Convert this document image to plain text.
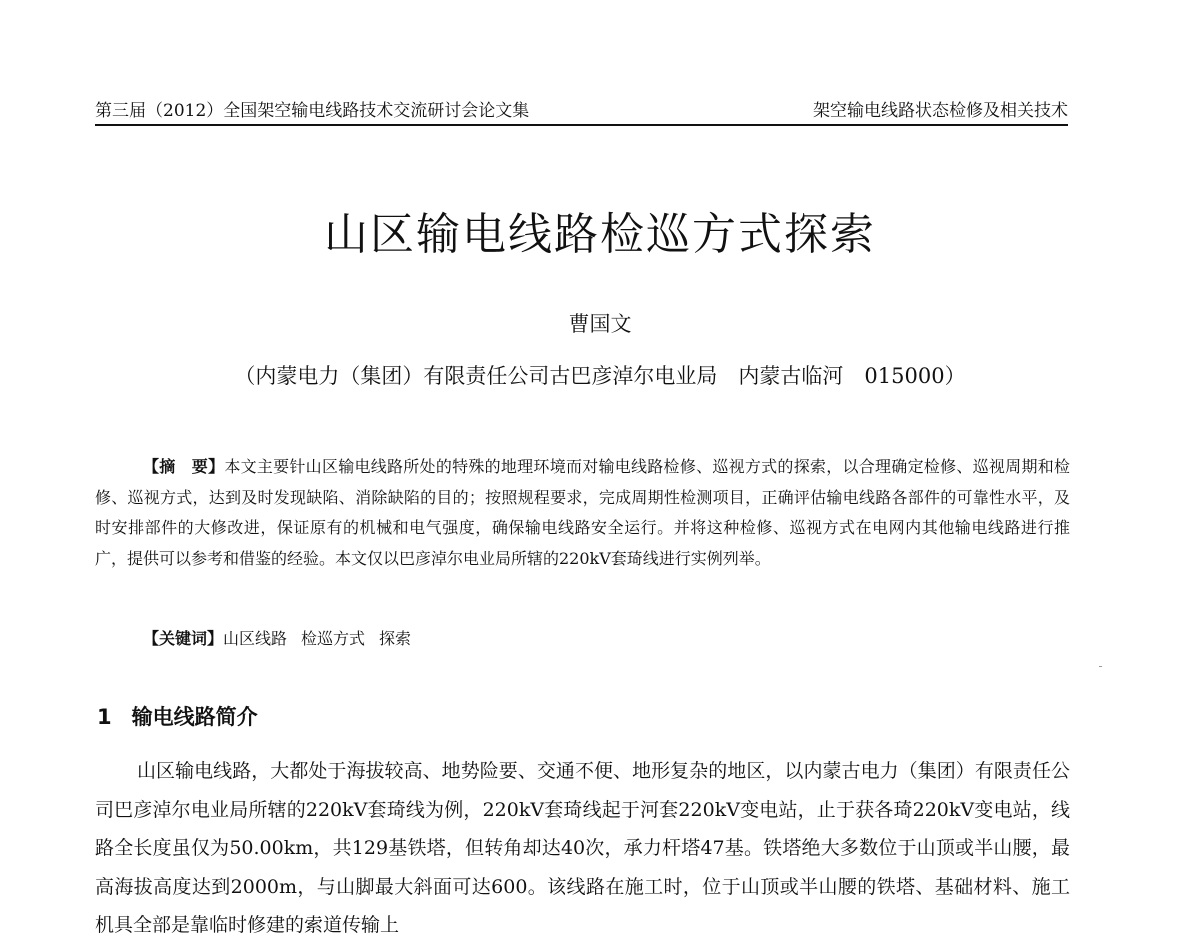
第三届（2012）全国架空输电线路技术交流研讨会论文集	架空输电线路状态检修及相关技术
山区输电线路检巡方式探索
曹国文
（内蒙电力（集团）有限责任公司古巴彦淖尔电业局　内蒙古临河　015000）
【摘　要】本文主要针山区输电线路所处的特殊的地理环境而对输电线路检修、巡视方式的探索，以合理确定检修、巡视周期和检修、巡视方式，达到及时发现缺陷、消除缺陷的目的；按照规程要求，完成周期性检测项目，正确评估输电线路各部件的可靠性水平，及时安排部件的大修改进，保证原有的机械和电气强度，确保输电线路安全运行。并将这种检修、巡视方式在电网内其他输电线路进行推广，提供可以参考和借鉴的经验。本文仅以巴彦淖尔电业局所辖的220kV套琦线进行实例列举。
【关键词】山区线路 检巡方式 探索
1 输电线路简介
山区输电线路，大都处于海拔较高、地势险要、交通不便、地形复杂的地区，以内蒙古电力（集团）有限责任公司巴彦淖尔电业局所辖的220kV套琦线为例，220kV套琦线起于河套220kV变电站，止于获各琦220kV变电站，线路全长度虽仅为50.00km，共129基铁塔，但转角却达40次，承力杆塔47基。铁塔绝大多数位于山顶或半山腰，最高海拔高度达到2000m，与山脚最大斜面可达600。该线路在施工时，位于山顶或半山腰的铁塔、基础材料、施工机具全部是靠临时修建的索道传输上
